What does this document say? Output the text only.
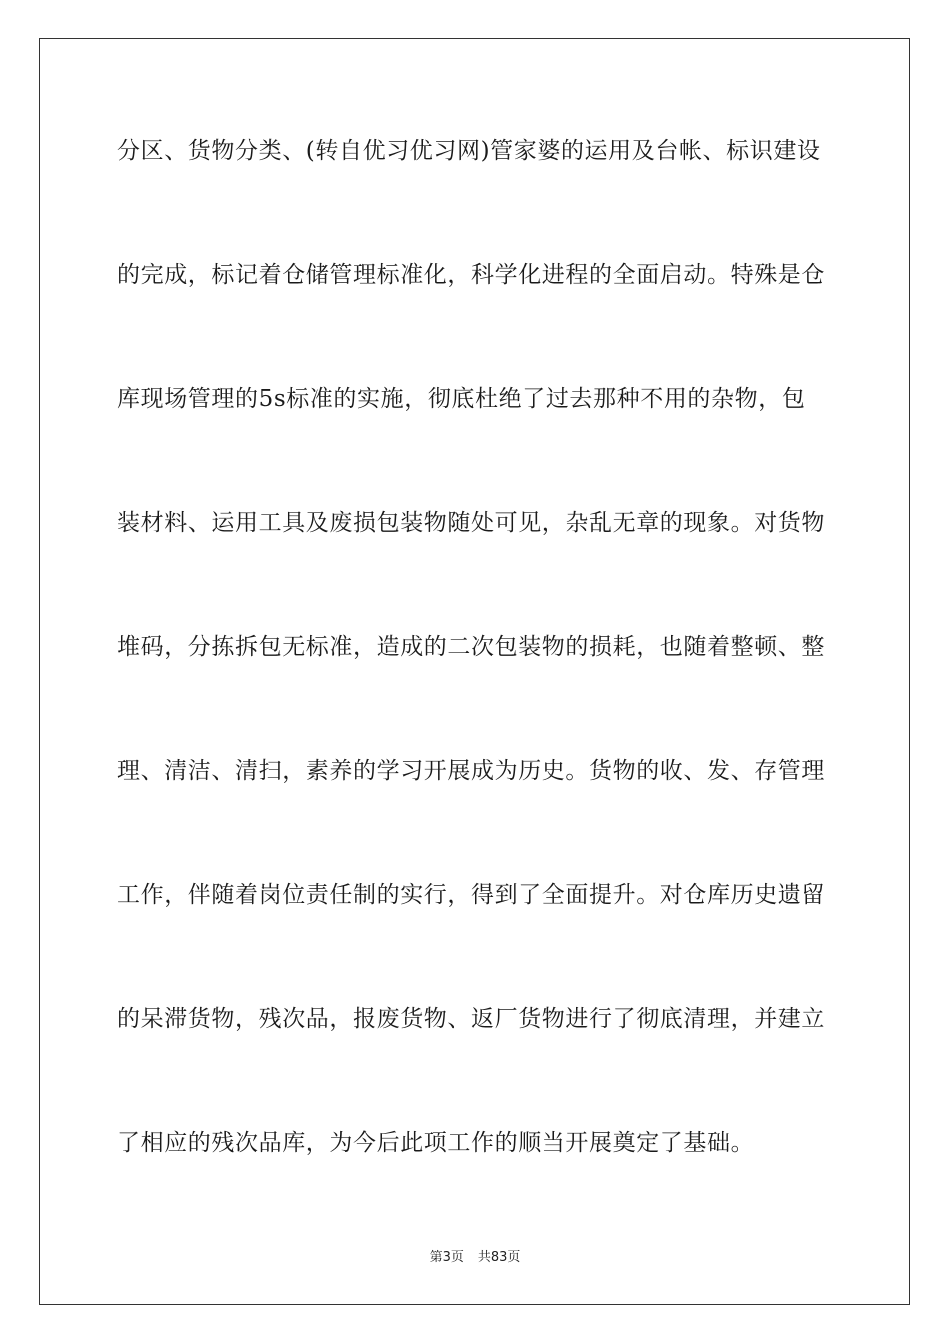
分区、货物分类、(转自优习优习网)管家婆的运用及台帐、标识建设
的完成，标记着仓储管理标准化，科学化进程的全面启动。特殊是仓
库现场管理的5s标准的实施，彻底杜绝了过去那种不用的杂物，包
装材料、运用工具及废损包装物随处可见，杂乱无章的现象。对货物
堆码，分拣拆包无标准，造成的二次包装物的损耗，也随着整顿、整
理、清洁、清扫，素养的学习开展成为历史。货物的收、发、存管理
工作，伴随着岗位责任制的实行，得到了全面提升。对仓库历史遗留
的呆滞货物，残次品，报废货物、返厂货物进行了彻底清理，并建立
了相应的残次品库，为今后此项工作的顺当开展奠定了基础。
第3页 共83页
